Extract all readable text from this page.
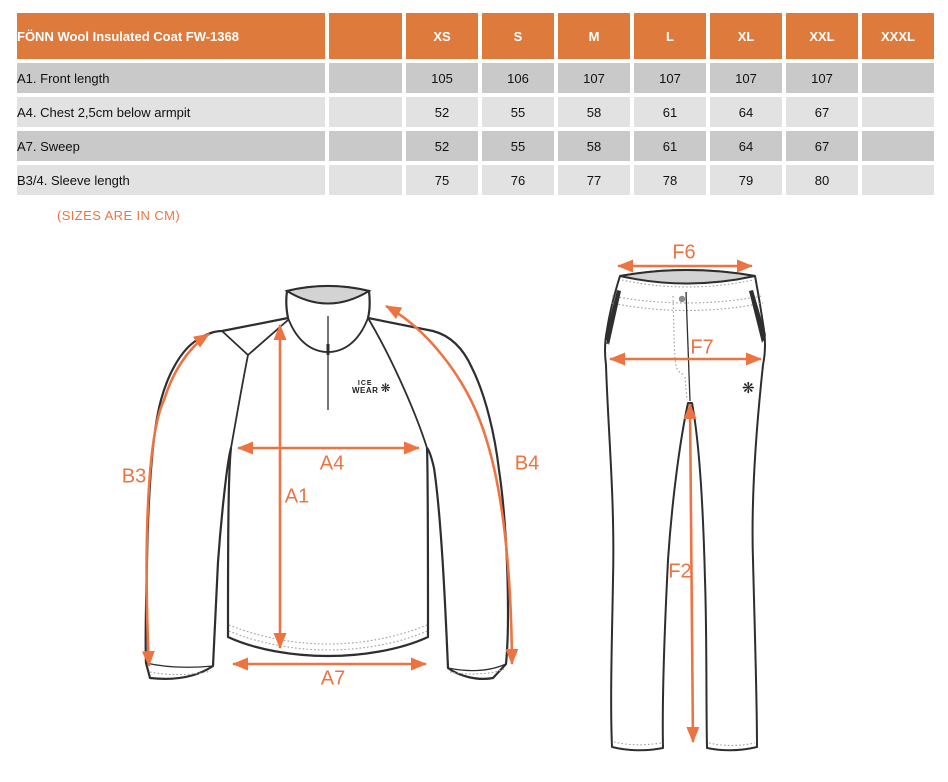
FÖNN Wool Insulated Coat FW-1368		XS	S	M	L	XL	XXL	XXXL
A1. Front length		105	106	107	107	107	107	
A4. Chest 2,5cm below armpit		52	55	58	61	64	67	
A7. Sweep		52	55	58	61	64	67	
B3/4. Sleeve length		75	76	77	78	79	80	
(SIZES ARE IN CM)
B3
A4
A1
B4
A7
F6
F7
F2
ICE
WEAR ❋	❋
